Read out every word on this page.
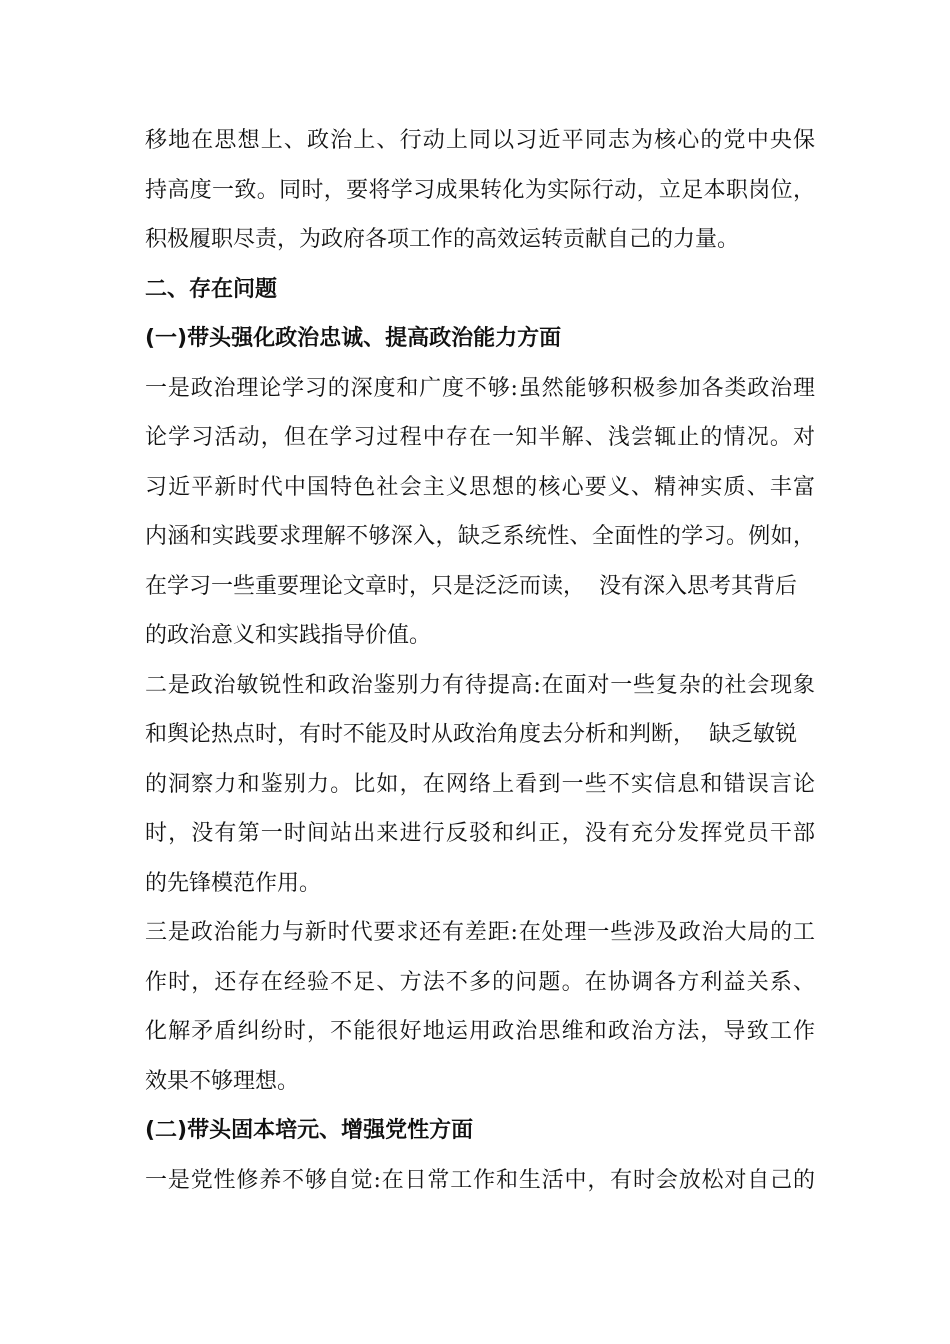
移地在思想上、政治上、行动上同以习近平同志为核心的党中央保
持高度一致。同时，要将学习成果转化为实际行动，立足本职岗位，
积极履职尽责，为政府各项工作的高效运转贡献自己的力量。
二、存在问题
(一)带头强化政治忠诚、提高政治能力方面
一是政治理论学习的深度和广度不够:虽然能够积极参加各类政治理
论学习活动，但在学习过程中存在一知半解、浅尝辄止的情况。对
习近平新时代中国特色社会主义思想的核心要义、精神实质、丰富
内涵和实践要求理解不够深入，缺乏系统性、全面性的学习。例如，
在学习一些重要理论文章时，只是泛泛而读，  没有深入思考其背后
的政治意义和实践指导价值。
二是政治敏锐性和政治鉴别力有待提高:在面对一些复杂的社会现象
和舆论热点时，有时不能及时从政治角度去分析和判断，  缺乏敏锐
的洞察力和鉴别力。比如，在网络上看到一些不实信息和错误言论
时，没有第一时间站出来进行反驳和纠正，没有充分发挥党员干部
的先锋模范作用。
三是政治能力与新时代要求还有差距:在处理一些涉及政治大局的工
作时，还存在经验不足、方法不多的问题。在协调各方利益关系、
化解矛盾纠纷时，不能很好地运用政治思维和政治方法，导致工作
效果不够理想。
(二)带头固本培元、增强党性方面
一是党性修养不够自觉:在日常工作和生活中，有时会放松对自己的
